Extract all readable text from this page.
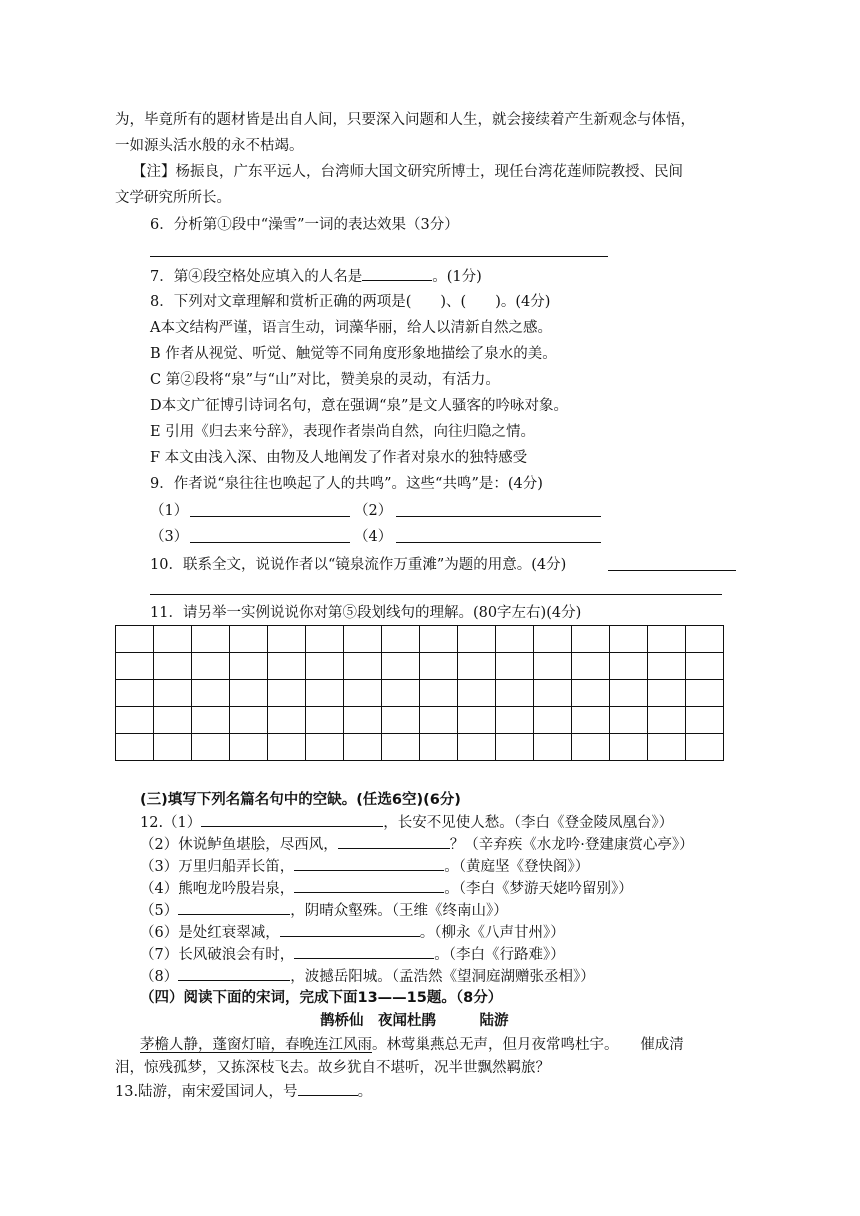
为，毕竟所有的题材皆是出自人间，只要深入问题和人生，就会接续着产生新观念与体悟，
一如源头活水般的永不枯竭。
【注】杨振良，广东平远人，台湾师大国文研究所博士，现任台湾花莲师院教授、民间
文学研究所所长。
6．分析第①段中“澡雪”一词的表达效果（3分）
7．第④段空格处应填入的人名是	。(1分)
8．下列对文章理解和赏析正确的两项是(　　)、(　　)。(4分)
A本文结构严谨，语言生动，词藻华丽，给人以清新自然之感。
B 作者从视觉、听觉、触觉等不同角度形象地描绘了泉水的美。
C 第②段将“泉”与“山”对比，赞美泉的灵动，有活力。
D本文广征博引诗词名句，意在强调“泉”是文人骚客的吟咏对象。
E 引用《归去来兮辞》，表现作者崇尚自然，向往归隐之情。
F 本文由浅入深、由物及人地阐发了作者对泉水的独特感受
9．作者说“泉往往也唤起了人的共鸣”。这些“共鸣”是：(4分)
（1）	（2）
（3）	（4）
10．联系全文，说说作者以“镜泉流作万重滩”为题的用意。(4分)
11．请另举一实例说说你对第⑤段划线句的理解。(80字左右)(4分)

(三)填写下列名篇名句中的空缺。(任选6空)(6分)
12.（1）	，长安不见使人愁。（李白《登金陵凤凰台》）
（2）休说鲈鱼堪脍，尽西风，	？（辛弃疾《水龙吟·登建康赏心亭》）
（3）万里归船弄长笛，	。（黄庭坚《登快阁》）
（4）熊咆龙吟殷岩泉，	。（李白《梦游天姥吟留别》）
（5）	，阴晴众壑殊。（王维《终南山》）
（6）是处红衰翠减，	。（柳永《八声甘州》）
（7）长风破浪会有时，	。（李白《行路难》）
（8）	，波撼岳阳城。（孟浩然《望洞庭湖赠张丞相》）
（四）阅读下面的宋词，完成下面13——15题。（8分）
鹊桥仙　夜闻杜鹃　　　陆游
茅檐人静，蓬窗灯暗，春晚连江风雨。林莺巢燕总无声，但月夜常鸣杜宇。　　催成清
泪，惊残孤梦，又拣深枝飞去。故乡犹自不堪听，况半世飘然羁旅？
13.陆游，南宋爱国词人，号	。
